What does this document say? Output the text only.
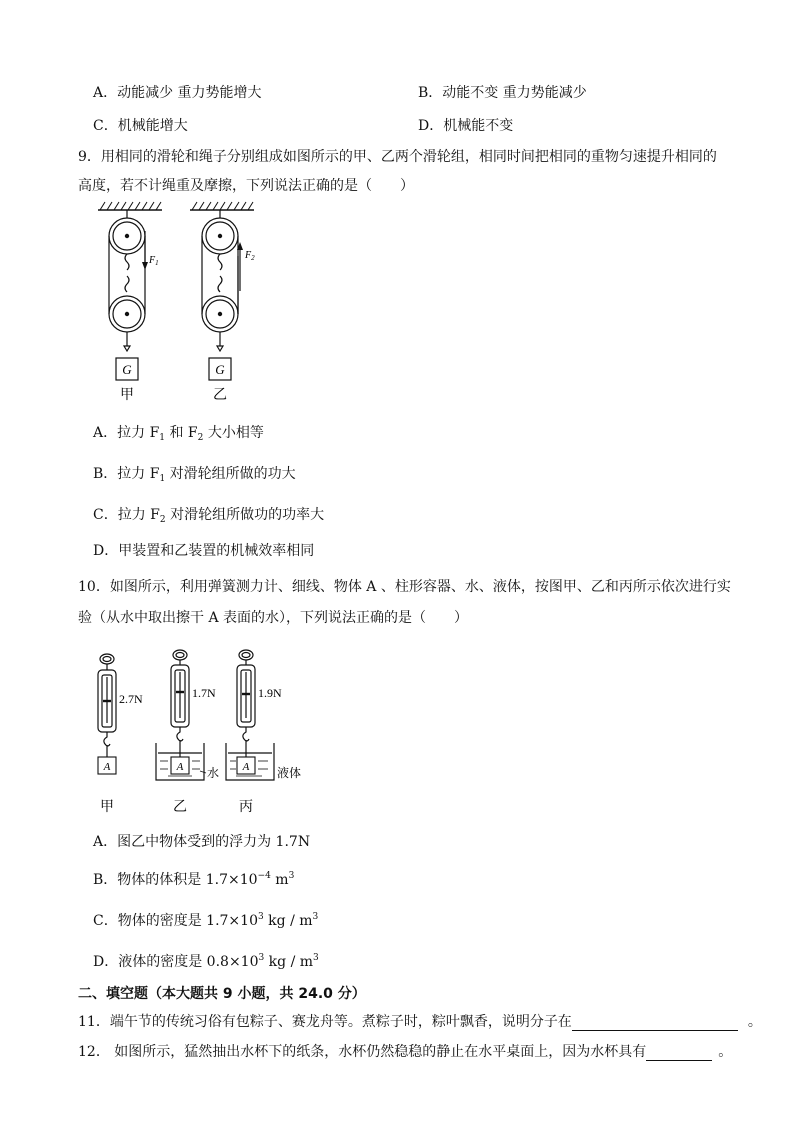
A．动能减少 重力势能增大	B．动能不变 重力势能减少
C．机械能增大	D．机械能不变
9．用相同的滑轮和绳子分别组成如图所示的甲、乙两个滑轮组，相同时间把相同的重物匀速提升相同的
高度，若不计绳重及摩擦，下列说法正确的是（　　）
$F_1$
G
甲
$F_2$
G
乙
A．拉力 $F_1$ 和 $F_2$ 大小相等
B．拉力 $F_1$ 对滑轮组所做的功大
C．拉力 $F_2$ 对滑轮组所做功的功率大
D．甲装置和乙装置的机械效率相同
10．如图所示，利用弹簧测力计、细线、物体 A 、柱形容器、水、液体，按图甲、乙和丙所示依次进行实
验（从水中取出擦干 A 表面的水），下列说法正确的是（　　）
2.7N
A
甲
1.7N
A 水
乙
1.9N
A 液体
丙
A．图乙中物体受到的浮力为 1.7N
B．物体的体积是 $1.7\times 10^{-4}$ $m^3$
C．物体的密度是 $1.7\times 10^3$ kg / $m^3$
D．液体的密度是 $0.8\times 10^3$ kg / $m^3$
二、填空题（本大题共 9 小题，共 24.0 分）
11．端午节的传统习俗有包粽子、赛龙舟等。煮粽子时，粽叶飘香，说明分子在	。
12． 如图所示，猛然抽出水杯下的纸条，水杯仍然稳稳的静止在水平桌面上，因为水杯具有	。
